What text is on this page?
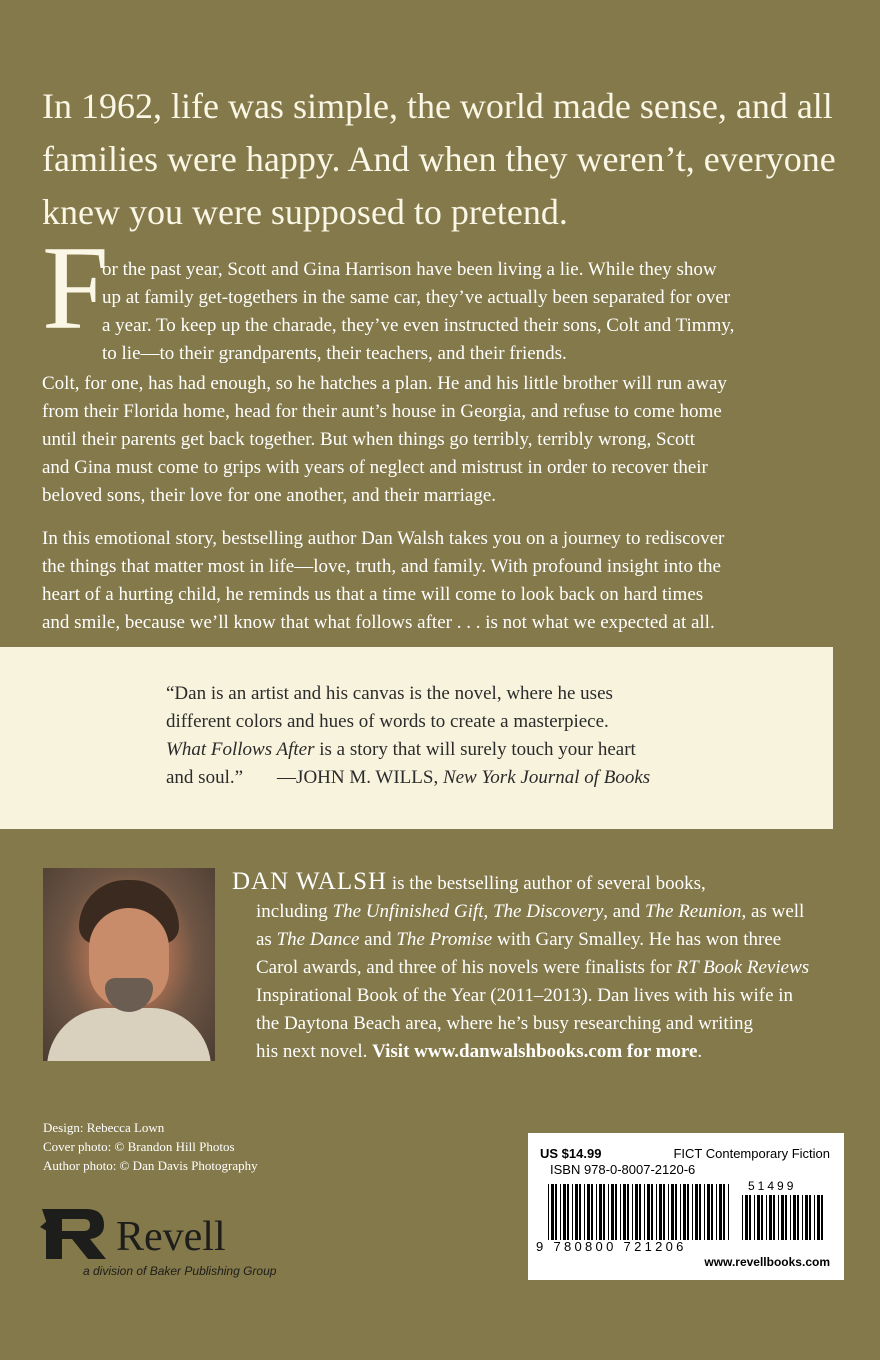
In 1962, life was simple, the world made sense, and all
families were happy. And when they weren’t, everyone
knew you were supposed to pretend.

F
or the past year, Scott and Gina Harrison have been living a lie. While they show
up at family get-togethers in the same car, they’ve actually been separated for over
a year. To keep up the charade, they’ve even instructed their sons, Colt and Timmy,
to lie—to their grandparents, their teachers, and their friends.

Colt, for one, has had enough, so he hatches a plan. He and his little brother will run away
from their Florida home, head for their aunt’s house in Georgia, and refuse to come home
until their parents get back together. But when things go terribly, terribly wrong, Scott
and Gina must come to grips with years of neglect and mistrust in order to recover their
beloved sons, their love for one another, and their marriage.

In this emotional story, bestselling author Dan Walsh takes you on a journey to rediscover
the things that matter most in life—love, truth, and family. With profound insight into the
heart of a hurting child, he reminds us that a time will come to look back on hard times
and smile, because we’ll know that what follows after . . . is not what we expected at all.

“Dan is an artist and his canvas is the novel, where he uses
different colors and hues of words to create a masterpiece.
What Follows After is a story that will surely touch your heart
and soul.” —JOHN M. WILLS, New York Journal of Books
DAN WALSH is the bestselling author of several books,
including The Unfinished Gift, The Discovery, and The Reunion, as well
as The Dance and The Promise with Gary Smalley. He has won three
Carol awards, and three of his novels were finalists for RT Book Reviews
Inspirational Book of the Year (2011–2013). Dan lives with his wife in
the Daytona Beach area, where he’s busy researching and writing
his next novel. Visit www.danwalshbooks.com for more.
Design: Rebecca Lown
Cover photo: © Brandon Hill Photos
Author photo: © Dan Davis Photography
Revell
a division of Baker Publishing Group
US $14.99	FICT Contemporary Fiction
ISBN 978-0-8007-2120-6
51499
9 780800 721206
www.revellbooks.com
